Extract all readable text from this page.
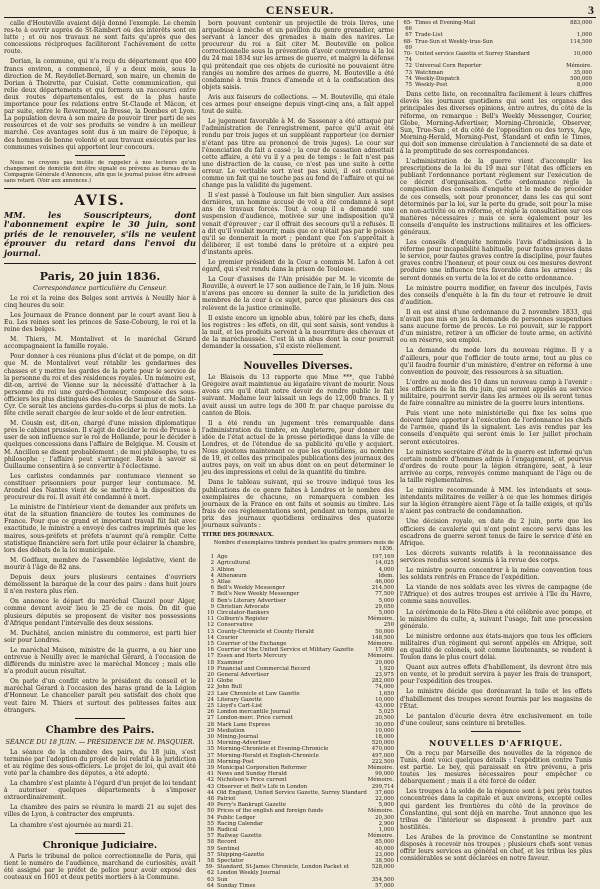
CENSEUR.	3

calle d'Houteville avaient déjà donné l'exemple. Le chemin res-te à ouvrir auprès de St-Rambert où des intérêts sont en lutte ; et où nos travaux ne sont faits qu'après que des concessions réciproques faciliteront l'achèvement de cette route.

Dorian, la commune, qui n'a reçu du département que 400 francs environ, a commencé, il y a deux mois, sous la direction de M. Reydellet-Bernard, son maire, un chemin de Dorian à Thoirette, par Cuisiat. Cette communication, qui relie deux départements et qui formera un raccourci entre deux routes départementales, est de la plus haute importance pour les relations entre St-Claude et Mâcon, et par suite, entre le Revermont, la Bresse, la Dombes et Lyon. La population devra à son maire de pouvoir tirer parti de ses ressources et de voir ses produits se vendre à un meilleur marché. Ces avantages sont dus à un maire de l'époque, à des hommes de bonne volonté et aux travaux exécutés par les communes voisines qui apportent leur concours.

Nous ne croyons pas inutile de rappeler à nos lecteurs qu'un changement de domicile doit être signalé ou prévenu au bureau de la Compagnie Générale d'Annonces, afin que le journal puisse être adressé sans retard. (Voir aux annonces.)

AVIS.
MM. les Souscripteurs, dont l'abonnement expire le 30 juin, sont priés de le renouveler, s'ils ne veulent éprouver du retard dans l'envoi du journal.
Paris, 20 juin 1836.
Correspondance particulière du Censeur.

Le roi et la reine des Belges sont arrivés à Neuilly hier à cinq heures du soir.

Les Journaux de France donnent par le court avant lieu à Eu. Les reines sont les princes de Saxe-Cobourg, le roi et la reine des belges.

M. Thiers, M. Montalivet et le maréchal Gérard accompagnaient la famille royale.

Pour donner à ces réunions plus d'éclat et de pompe, on dit que M. de Montalivet veut rétablir les gendarmes des chasses et y mettre les gardes de la porte pour le service de la personne du roi et des résidences royales. Un mémoire est, dit-on, arrivé de Vienne sur la nécessité d'attacher à la personne du roi une garde-d'honneur, composée des sous-officiers les plus distingués des écoles de Saumur et de Saint-Cyr. Ce serait les anciens gardes-du-corps si plus de mots. La fête civile serait chargée de leur solde et de leur entretien.

M. Cousin est, dit-on, chargé d'une mission diplomatique près le cabinet prussien. Il s'agit de décider le roi de Prusse à user de son influence sur le roi de Hollande, pour le décider à quelques concessions dans l'affaire de Belgique. M. Cousin et M. Ancillon se disent probablement ; de moi philosophe, tu es philosophe ; l'affaire peut s'arranger. Reste à savoir si Guillaume consentira à se convertir à l'éclectisme.

Les carlistes condamnés par contumace viennent se constituer prisonniers pour purger leur contumace. M. Arondel des Nantes vient de se mettre à la disposition du procureur du roi. Il avait été condamné à mort.

Le ministre de l'intérieur vient de demander aux préfets un état de la situation financière de toutes les communes de France. Pour que ce grand et important travail fût fait avec exactitude, le ministre a envoyé des cadres imprimés que les maires, sous-préfets et préfets n'auront qu'à remplir. Cette statistique financière sera fort utile pour éclairer la chambre, lors des débats de la loi municipale.

M. Godfaux, membre de l'assemblée législative, vient de mourir à l'âge de 82 ans.

Depuis deux jours plusieurs centaines d'ouvriers démolissent la baraque de la cour des pairs : dans huit jours il n'en restera plus rien.

On annonce le départ du maréchal Clauzel pour Alger, comme devant avoir lieu le 25 de ce mois. On dit que plusieurs députés se proposent de visiter nos possessions d'Afrique pendant l'intervalle des deux sessions.

M. Duchâtel, ancien ministre du commerce, est parti hier soir pour Londres.

Le maréchal Maison, ministre de la guerre, a eu hier une entrevue à Neuilly avec le maréchal Gérard, à l'occasion de différends du ministre avec le maréchal Moncey ; mais elle n'a produit aucun résultat.

On parle d'un conflit entre le président du conseil et le maréchal Gérard à l'occasion des haras grand de la Légion d'Honneur. Le chancelier paraît peu satisfait des choix que veut faire M. Thiers et surtout des politesses faites aux étrangers.

Chambre des Pairs.
SÉANCE DU 18 JUIN. — PRÉSIDENCE DE M. PASQUIER.

La séance de la chambre des pairs, du 18 juin, s'est terminée par l'adoption du projet de loi relatif à la juridiction et au régime des sous-officiers. Le projet de loi, qui avait été voté par la chambre des députés, a été adopté.

La chambre s'est plainte à l'égard d'un projet de loi tendant à autoriser quelques départements à s'imposer extraordinairement.

La chambre des pairs se réunira le mardi 21 au sujet des villes de Lyon, à contracter des emprunts.

La chambre s'est ajournée au mardi 21.

Chronique Judiciaire.

A Paris le tribunal de police correctionnelle de Paris, qui tient le numéro de l'audience, marchand de curiosités, avait été assigné par le préfet de police pour avoir exposé des couteaux en 1601 et deux petits mortiers à la Commune.

born pouvant contenir un projectile de trois livres, une arquebuse à mèche et un pavillon du genre grenadier, arme servant à lancer des grenades à main des navires. Le procureur du roi a fait citer M. Bouteville en police correctionnelle sous la prévention d'avoir contrevenu à la loi du 24 mai 1834 sur les armes de guerre, et malgré la défense qui prétendait que ces objets de curiosité ne pouvaient être rangés au nombre des armes de guerre, M. Bouteville a été condamné à trois francs d'amende et à la confiscation des objets saisis.

Avis aux faiseurs de collections. — M. Bouteville, qui étale ces armes pour enseigne depuis vingt-cinq ans, a fait appel tout de suite.

Le jugement favorable à M. de Sassenay a été attaqué par l'administration de l'enregistrement, parce qu'il avait été rendu par trois juges et un suppléant rapporteur (ce dernier n'étant pas titre au prononcé de trois juges). Le cour sur l'énonciation du fait a cassé ; la cour de cassation admettait cette affaire, a été vu il y a peu de temps : le fait n'est pas une distraction de la cause, ce n'est pas une suite à cette erreur. Le veritable sort n'est pas suivi, il est constitué comme un fait qui ne touche pas au fond de l'affaire et qui ne change pas la validité du jugement.

Il s'est passé à Toulouse un fait bien singulier. Aux assises dernières, un homme accusé de vol a été condamné à sept ans de travaux forcés. Tout à coup il a demandé une suspension d'audience, motivée sur une indisposition qu'il venait d'éprouver ; car il offrait des secours qu'il a refusés. Il a dit qu'il voulait mourir, mais que ce n'était pas par le poison qu'il se donnerait la mort ; pendant que l'on s'apprêtait à délibérer, il est tombé dans le prétoire et a expiré peu d'instants après.

Le premier président de la Cour a commis M. Lafon à cet égard, qui s'est rendu dans la prison de Toulouse.

La Cour d'assises de l'Ain présidée par M. le vicomte de Rouville, à ouvert le 17 son audience de l'ain, le 16 juin. Nous n'avons pas encore su donner la suite de la juridiction des membres de la cour à ce sujet, parce que plusieurs des cas relèvent de la justice criminelle.

Il existe encore un ignoble abus, toléré par les chefs, dans les registres : les effets, on dit, qui sont saisis, sont vendus à la nuit, et les produits servent à la nourriture des chevaux et de la maréchaussée. C'est là un abus dont la cour pourrait demander la cessation, s'il existe réellement.

Nouvelles Diverses.

Le Blaisois du 13 rapporte que Mme ***, que l'abbé Grégoire avait maintenue au légataire vivant de mourir. Nous avons cru qu'il était notre devoir de rendre public le fait suivant. Madame leur laissait un legs de 12,000 francs. Il y avait aussi un autre legs de 300 fr. par chaque paroisse du canton de Blois.

Il a été rendu un jugement très remarquable dans l'administration du timbre, en Angleterre, pour donner une idée de l'état actuel de la presse périodique dans la ville de Londres, et de l'étendue de sa publicité qu'elle y acquiert. Nous ajoutons maintenant ce que les quotidiens, au nombre de 19, et celles des principales publications des journaux des autres pays, on voit un abus dont on en peut déterminer le jeu des impressions et celui de la quantité du timbre.

Dans le tableau suivant, qui se trouve indiqué tous les publications de ce genre faites à Londres et le nombre des exemplaires de chacune, on remarquera combien les journaux de la France en ont faits et soumis au timbre. Les frais de ces réglementations sont, pendant un temps, aussi le prix des journaux quotidiens ordinaires des quatorze journaux suivants :

TITRE DES JOURNAUX.
Nombre d'exemplaires timbrés pendant les quatre premiers mois de 1836.
1	Age	197,169
2	Agricultural	14,025
3	Albion	4,000
4	Athenæum	Idem.
5	Atlas	46,000
6	Bell's Weekly Messenger	214,500
7	Bell's New Weekly Messenger	77,500
8	Ben's Literary Advertiser	5,000
9	Christian Advocate	29,050
10	Circulator-Bankers	5,000
11	Colburn's Register	Mémoire.
12	Conservative	250
13	County-Chronicle et County Herald	50,000
14	Courier	148,500
15	Courrier of the Exchange	Mémoire.
16	Courrier of the United Service et Military Gazette	17,000
17	Essex and Herts Mercury	Mémoire.
18	Examiner	20,000
19	Financial and Commercial Record	1,920
20	General Advertiser	23,975
21	Globe	282,000
22	John Bull	74,000
23	Law Chronicle et Law Gazette	1,650
24	Literary Gazette	10,000
25	Lloyd's Cart-List	43,000
26	London mercantile Journal	5,025
27	London-merc. Price current	20,500
28	Mark Lane Express	30,050
29	Mediation	10,000
30	Mining-Journal	18,000
31	Morning-Advertiser	520,000
35	Morning-Chronicle et Evening-Chronicle	470,000
37	Morning-Herald et English-Chronicle	497,000
38	Morning-Post	222,500
39	Municipal Corporation Reformer	Mémoire.
41	News and Sunday Herald	99,000
42	Nicholson's Price current	Mémoire.
43	Observer et Bell's Life in London	299,714
44	Old England, United Service Gazette, Surrey Standard	37,600
48	Patriot	22,000
49	Perry's Bankrupt Gazette	5,900
50	Prices of the english and foreign funds	Mémoire.
54	Public Ledger	20,300
55	Racing Calendar	2,900
56	Radical	1,000
57	Railway Gazette	Mémoire.
58	Record	85,000
59	Sentinel	40,000
57	Shipping-Gazette	23,000
58	Spectator	38,500
59-62	Standard, St-James Chronicle, London Packet et London Weekly Journal	528,000
63	Sun	354,500
64	Sunday Times	57,000
65-66	Times et Evening-Mail	883,000
67	Trade-List	1,000
68-69	True-Sun et Weekly-true-Sun	114,500
70-74	United service Gazette et Surrey Standard	10,000
72	Universal Corn Reporter	Mémoire.
73	Watchman	35,000
74	Weekly-Dispatch	500,000
75	Weekly-Post	8,000

Dans cette liste, on reconnaîtra facilement à leurs chiffres élevés les journaux quotidiens qui sont les organes des principales des diverses opinions, entre autres, du côté de la réforme, on remarque : Bell's Weekly Messenger, Courier, Globe, Morning-Advertiser, Morning-Chronicle, Observer, Sun, True-Sun ; et du côté de l'opposition ou des torys, Age, Morning-Herald, Morning-Post, Standard et enfin le Times, qui doit son immense circulation à l'ancienneté de sa date et à la promptitude de ses correspondances.

L'administration de la guerre vient d'accomplir les prescriptions de la loi du 19 mai sur l'état des officiers en publiant l'ordonnance portant règlement sur l'exécution de ce décret d'organisation. Cette ordonnance règle la composition des conseils d'enquête et le mode de procéder de ces conseils, soit pour prononcer, dans les cas qui sont déterminés par la loi, sur la perte du grade, soit pour la mise en non-activité ou en réforme, et règle la consultation sur ces matières nécessaires ; mais ce sera également pour les conseils d'enquête les instructions militaires et les officiers-généraux.

Les conseils d'enquête nommés l'avis d'admission à la réforme pour incapabilité habituelle, pour fautes graves dans le service, pour fautes graves contre la discipline, pour fautes graves contre l'honneur, et pour ceux ou ces mesures devront produire une influence très favorable dans les armées ; ils seront donnés en vertu de la loi et de cette ordonnance.

Le ministre pourra modifier, en faveur des inculpés, l'avis des conseils d'enquête à la fin du tour et retrouve le droit d'audition.

Il en est ainsi d'une ordonnance du 2 novembre 1833, qui n'avait pas mis en jeu la demande de personnes suspendues sans aucune forme de procès. Le roi pouvait, sur le rapport d'un ministre, retirer à un officier de toute arme, en activité ou en réserve, son emploi.

La demande du mode lors du nouveau régime. Il y a d'ailleurs, pour que l'officier de toute arme, tout au plus ce qu'il faudra fournir d'un ministère, d'entrer en réforme à une convention de pouvoir, des ressources à sa situation.

L'ordre au mode des 10 dans un nouveau camp à l'avenir : les officiers de la fin du juin, qui seront appelés au service militaire, pourront servir dans les armées où ils seront tenus de faire connaître au ministre de la guerre leurs intentions.

Puis vient une note ministérielle qui fixe les soins que doivent faire apporter à l'exécution de l'ordonnance les chefs de l'armée, quand ils la signalent. Les avis rendus par les conseils d'enquête qui seront émis le 1er juillet prochain seront exécutoires.

Le ministre secrétaire d'état de la guerre est informé qu'un certain nombre d'hommes admis à l'engagement, et pourvus d'ordres de route pour la légion étrangère, sont, à leur arrivée au corps, renvoyés comme manquant de l'âge ou de la taille réglementaires.

Le ministre recommande à MM. les intendants et sous-intendants militaires de veiller à ce que les hommes dirigés sur la légion étrangère aient l'âge et la taille exigés, et qu'ils n'aient pas contracté de condamnation.

Une décision royale, en date du 2 juin, porte que les officiers de cavalerie qui n'ont point encore servi dans les escadrons de guerre seront tenus de faire le service d'été en Afrique.

Les décrets suivants relatifs à la reconnaissance des services rendus seront soumis à la revue des corps.

Le ministre pourra concentrer à la même convention tous les soldats rentrés en France de l'expédition.

La viande de nos soldats avec les vivres de campagne (de l'Afrique) et des autres troupes est arrivée à l'île du Havre, comme sans nouvelles.

La cérémonie de la Fête-Dieu a été célébrée avec pompe, et le ministère du culte, a, suivant l'usage, fait une procession générale.

Le ministre ordonne aux états-majors que tous les officiers militaires d'un régiment qui seront appelés en Afrique, soit en qualité de colonels, soit comme lieutenants, se rendent à Toulon dans le plus court délai.

Quant aux autres effets d'habillement, ils devront être mis en vente, et le produit servira à payer les frais de transport, pour l'expédition des troupes.

Le ministre décide que dorénavant la toile et les effets d'habillement des troupes seront fournis par les magasins de l'État.

Le pantalon d'écurie devra être exclusivement en toile d'une couleur, sans ceinture ni bretelles.

NOUVELLES D'AFRIQUE.

On a reçu par Marseille des nouvelles de la régence de Tunis, dont voici quelques détails : l'expédition contre Tunis est partie. Le bey, qui paraissait en être prévenu, a pris toutes les mesures nécessaires pour empêcher ce débarquement ; mais il a été forcé de céder.

Les troupes à la solde de la régence sont à peu près toutes concentrées dans la capitale et aux environs, excepté celles qui gardent les frontières du côté de la province de Constantine, qui sont déjà en marche. Tout annonce que les tribus de l'intérieur se disposent à prendre part aux hostilités.

Les Arabes de la province de Constantine se montrent disposés à recevoir nos troupes ; plusieurs chefs sont venus offrir leurs services au général en chef, et les tribus les plus considérables se sont déclarées en notre faveur.
